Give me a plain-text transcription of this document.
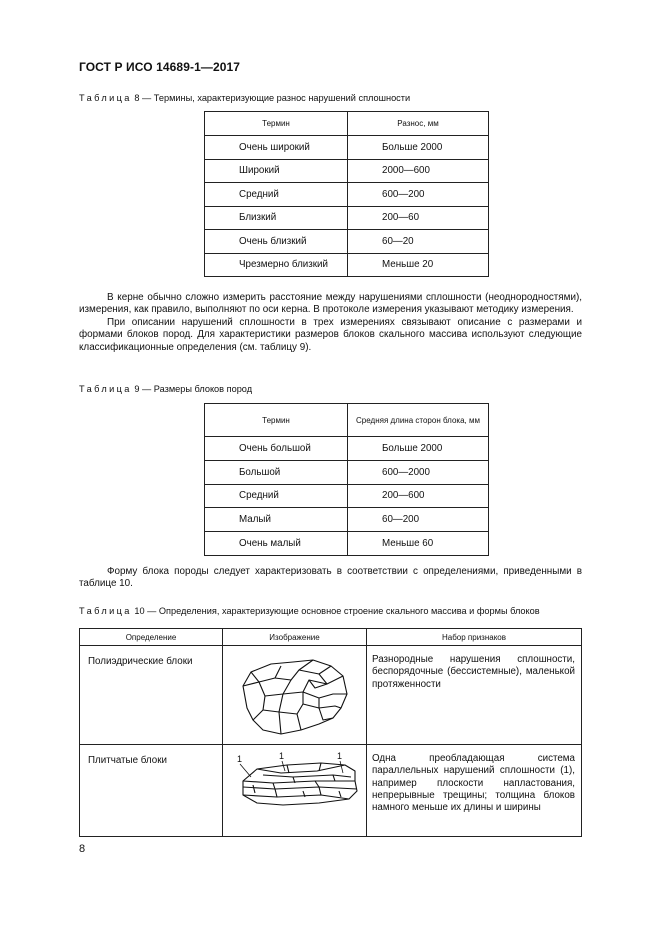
ГОСТ Р ИСО 14689-1—2017
Таблица 8 — Термины, характеризующие разнос нарушений сплошности
Термин	Разнос, мм
Очень широкий	Больше 2000
Широкий	2000—600
Средний	600—200
Близкий	200—60
Очень близкий	60—20
Чрезмерно близкий	Меньше 20

В керне обычно сложно измерить расстояние между нарушениями сплошности (неоднородностями), измерения, как правило, выполняют по оси керна. В протоколе измерения указывают методику измерения.

При описании нарушений сплошности в трех измерениях связывают описание с размерами и формами блоков пород. Для характеристики размеров блоков скального массива используют следующие классификационные определения (см. таблицу 9).

Таблица 9 — Размеры блоков пород
Термин	Средняя длина сторон блока, мм
Очень большой	Больше 2000
Большой	600—2000
Средний	200—600
Малый	60—200
Очень малый	Меньше 60

Форму блока породы следует характеризовать в соответствии с определениями, приведенными в таблице 10.

Таблица 10 — Определения, характеризующие основное строение скального массива и формы блоков
Определение	Изображение	Набор признаков
Полиэдрические блоки		Разнородные нарушения сплошности, беспорядочные (бессистемные), маленькой протяженности
Плитчатые блоки	1 1 1	Одна преобладающая система параллельных нарушений сплошности (1), например плоскости напластования, непрерывные трещины; толщина блоков намного меньше их длины и ширины
8
